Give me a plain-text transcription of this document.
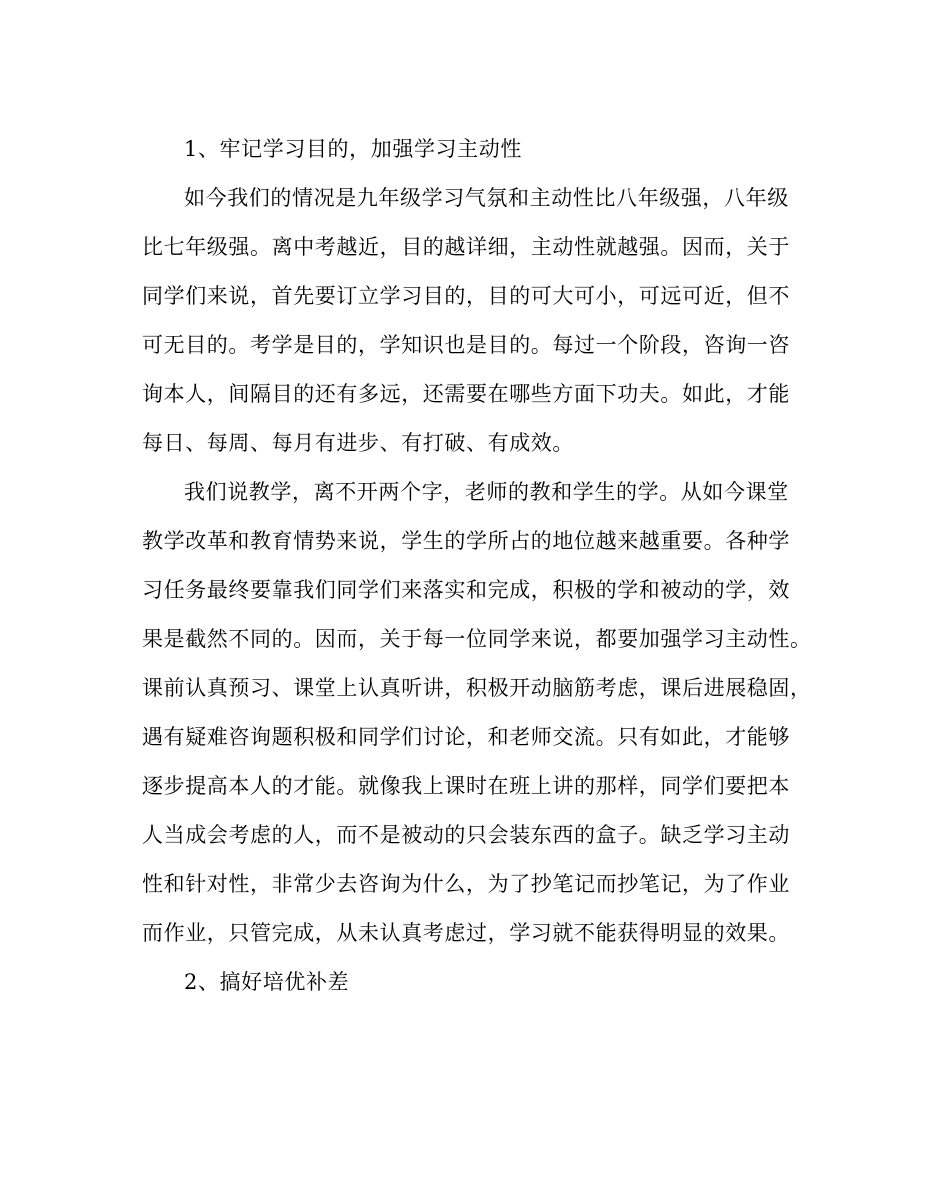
1、牢记学习目的，加强学习主动性
如今我们的情况是九年级学习气氛和主动性比八年级强，八年级
比七年级强。离中考越近，目的越详细，主动性就越强。因而，关于
同学们来说，首先要订立学习目的，目的可大可小，可远可近，但不
可无目的。考学是目的，学知识也是目的。每过一个阶段，咨询一咨
询本人，间隔目的还有多远，还需要在哪些方面下功夫。如此，才能
每日、每周、每月有进步、有打破、有成效。
我们说教学，离不开两个字，老师的教和学生的学。从如今课堂
教学改革和教育情势来说，学生的学所占的地位越来越重要。各种学
习任务最终要靠我们同学们来落实和完成，积极的学和被动的学，效
果是截然不同的。因而，关于每一位同学来说，都要加强学习主动性。
课前认真预习、课堂上认真听讲，积极开动脑筋考虑，课后进展稳固，
遇有疑难咨询题积极和同学们讨论，和老师交流。只有如此，才能够
逐步提高本人的才能。就像我上课时在班上讲的那样，同学们要把本
人当成会考虑的人，而不是被动的只会装东西的盒子。缺乏学习主动
性和针对性，非常少去咨询为什么，为了抄笔记而抄笔记，为了作业
而作业，只管完成，从未认真考虑过，学习就不能获得明显的效果。
2、搞好培优补差
